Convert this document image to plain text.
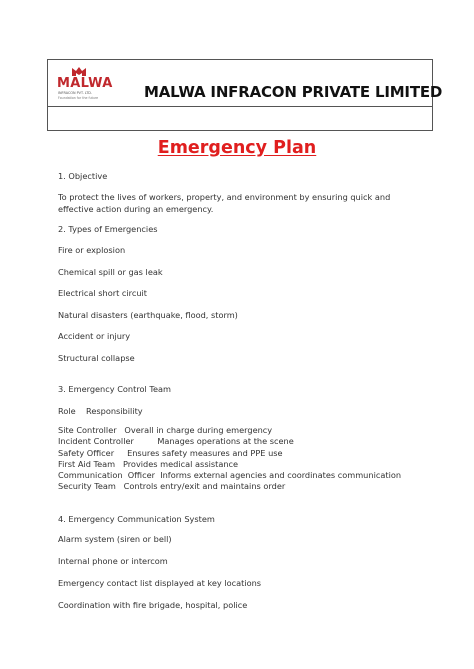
MALWA
INFRACON PVT. LTD.
Foundation for the future	MALWA INFRACON PRIVATE LIMITED
Emergency Plan
1. Objective
To protect the lives of workers, property, and environment by ensuring quick and effective action during an emergency.
2. Types of Emergencies
Fire or explosion
Chemical spill or gas leak
Electrical short circuit
Natural disasters (earthquake, flood, storm)
Accident or injury
Structural collapse
3. Emergency Control Team
Role Responsibility
Site Controller   Overall in charge during emergency
Incident Controller         Manages operations at the scene
Safety Officer     Ensures safety measures and PPE use
First Aid Team   Provides medical assistance
Communication  Officer  Informs external agencies and coordinates communication
Security Team   Controls entry/exit and maintains order
4. Emergency Communication System
Alarm system (siren or bell)
Internal phone or intercom
Emergency contact list displayed at key locations
Coordination with fire brigade, hospital, police
